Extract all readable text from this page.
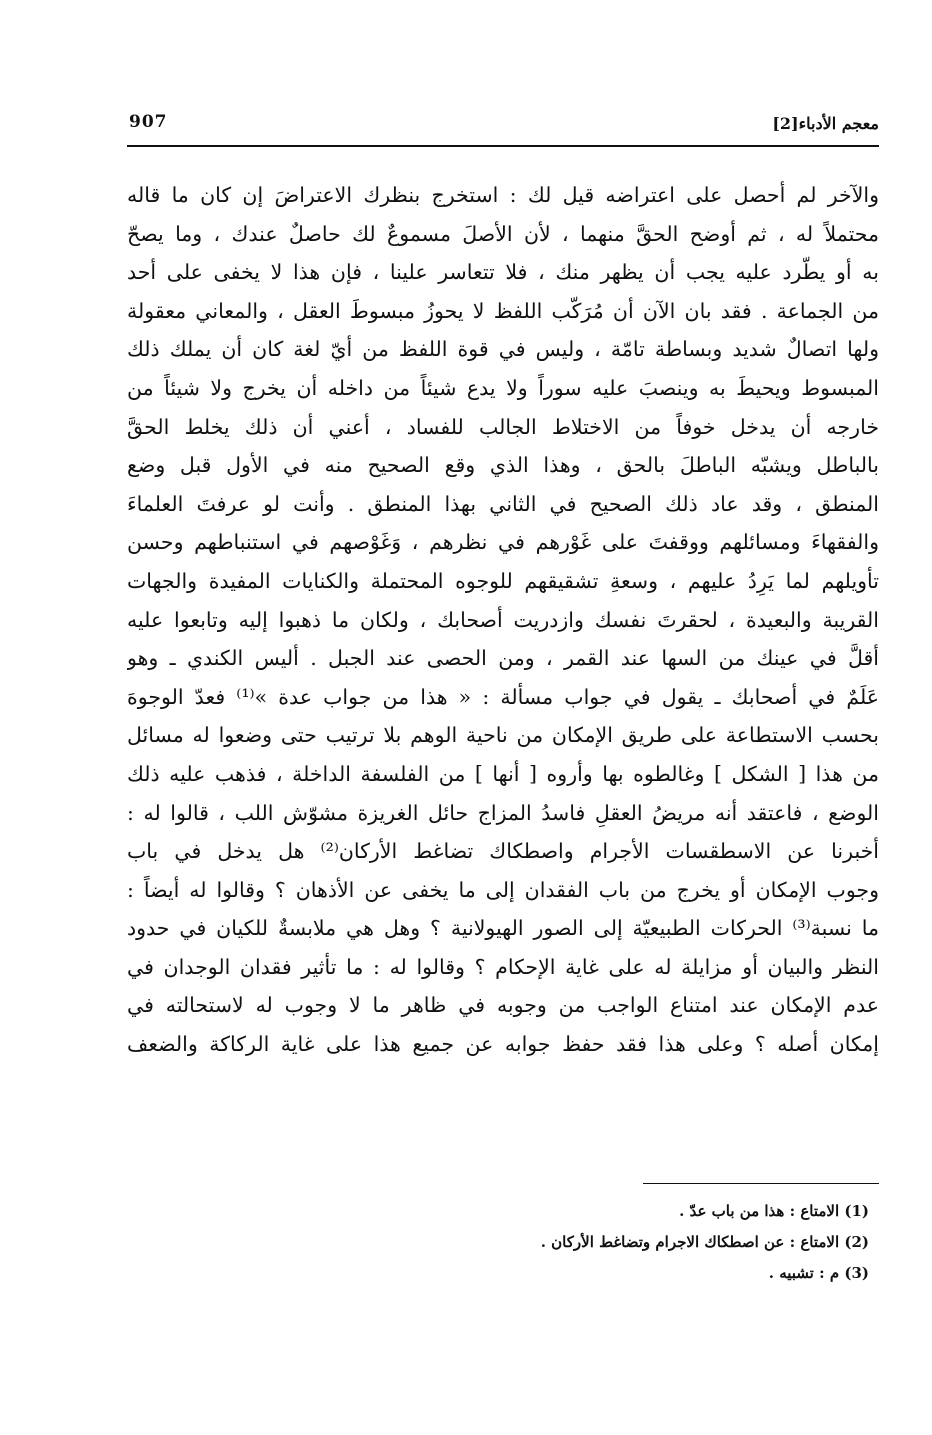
معجم الأدباء[2]
907
والآخر لم أحصل على اعتراضه قيل لك : استخرج بنظرك الاعتراضَ إن كان ما قاله
محتملاً له ، ثم أوضح الحقَّ منهما ، لأن الأصلَ مسموعٌ لك حاصلٌ عندك ، وما يصحّ
به أو يطّرد عليه يجب أن يظهر منك ، فلا تتعاسر علينا ، فإن هذا لا يخفى على أحد
من الجماعة . فقد بان الآن أن مُرَكّب اللفظ لا يحوزُ مبسوطَ العقل ، والمعاني معقولة
ولها اتصالٌ شديد وبساطة تامّة ، وليس في قوة اللفظ من أيّ لغة كان أن يملك ذلك
المبسوط ويحيطَ به وينصبَ عليه سوراً ولا يدع شيئاً من داخله أن يخرج ولا شيئاً من
خارجه أن يدخل خوفاً من الاختلاط الجالب للفساد ، أعني أن ذلك يخلط الحقَّ
بالباطل ويشبّه الباطلَ بالحق ، وهذا الذي وقع الصحيح منه في الأول قبل وضع
المنطق ، وقد عاد ذلك الصحيح في الثاني بهذا المنطق . وأنت لو عرفتَ العلماءَ
والفقهاءَ ومسائلهم ووقفتَ على غَوْرهم في نظرهم ، وَغَوْصهم في استنباطهم وحسن
تأويلهم لما يَرِدُ عليهم ، وسعةِ تشقيقهم للوجوه المحتملة والكنايات المفيدة والجهات
القريبة والبعيدة ، لحقرتَ نفسك وازدريت أصحابك ، ولكان ما ذهبوا إليه وتابعوا عليه
أقلَّ في عينك من السها عند القمر ، ومن الحصى عند الجبل . أليس الكندي ـ وهو
عَلَمٌ في أصحابك ـ يقول في جواب مسألة : « هذا من جواب عدة »⁽¹⁾ فعدّ الوجوهَ
بحسب الاستطاعة على طريق الإمكان من ناحية الوهم بلا ترتيب حتى وضعوا له مسائل
من هذا [ الشكل ] وغالطوه بها وأروه [ أنها ] من الفلسفة الداخلة ، فذهب عليه ذلك
الوضع ، فاعتقد أنه مريضُ العقلِ فاسدُ المزاج حائل الغريزة مشوّش اللب ، قالوا له :
أخبرنا عن الاسطقسات الأجرام واصطكاك تضاغط الأركان⁽²⁾ هل يدخل في باب
وجوب الإمكان أو يخرج من باب الفقدان إلى ما يخفى عن الأذهان ؟ وقالوا له أيضاً :
ما نسبة⁽³⁾ الحركات الطبيعيّة إلى الصور الهيولانية ؟ وهل هي ملابسةٌ للكيان في حدود
النظر والبيان أو مزايلة له على غاية الإحكام ؟ وقالوا له : ما تأثير فقدان الوجدان في
عدم الإمكان عند امتناع الواجب من وجوبه في ظاهر ما لا وجوب له لاستحالته في
إمكان أصله ؟ وعلى هذا فقد حفظ جوابه عن جميع هذا على غاية الركاكة والضعف
(1) الامتاع : هذا من باب عدّ .
(2) الامتاع : عن اصطكاك الاجرام وتضاغط الأركان .
(3) م : تشبيه .
